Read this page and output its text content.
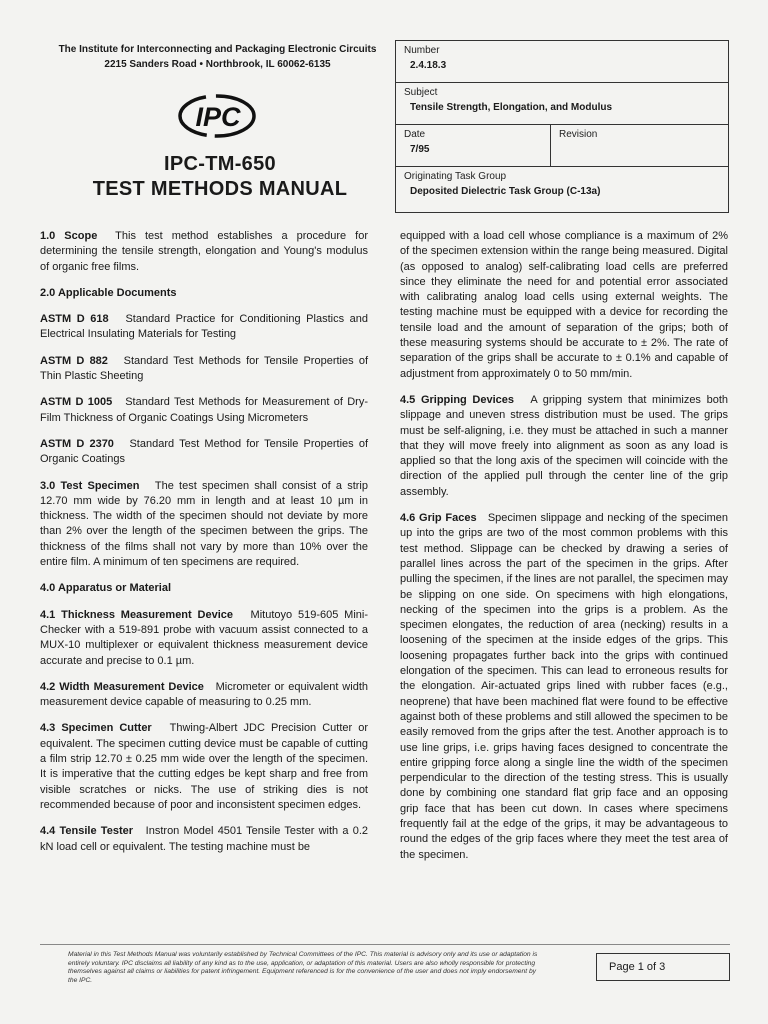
The Institute for Interconnecting and Packaging Electronic Circuits
2215 Sanders Road • Northbrook, IL 60062-6135
IPC
IPC-TM-650
TEST METHODS MANUAL
Number
2.4.18.3
Subject
Tensile Strength, Elongation, and Modulus
Date
7/95
Revision
Originating Task Group
Deposited Dielectric Task Group (C-13a)

1.0 Scope This test method establishes a procedure for determining the tensile strength, elongation and Young's modulus of organic free films.

2.0 Applicable Documents

ASTM D 618 Standard Practice for Conditioning Plastics and Electrical Insulating Materials for Testing

ASTM D 882 Standard Test Methods for Tensile Properties of Thin Plastic Sheeting

ASTM D 1005 Standard Test Methods for Measurement of Dry-Film Thickness of Organic Coatings Using Micrometers

ASTM D 2370 Standard Test Method for Tensile Properties of Organic Coatings

3.0 Test Specimen The test specimen shall consist of a strip 12.70 mm wide by 76.20 mm in length and at least 10 µm in thickness. The width of the specimen should not deviate by more than 2% over the length of the specimen between the grips. The thickness of the films shall not vary by more than 10% over the entire film. A minimum of ten specimens are required.

4.0 Apparatus or Material

4.1 Thickness Measurement Device Mitutoyo 519-605 Mini-Checker with a 519-891 probe with vacuum assist connected to a MUX-10 multiplexer or equivalent thickness measurement device accurate and precise to 0.1 µm.

4.2 Width Measurement Device Micrometer or equivalent width measurement device capable of measuring to 0.25 mm.

4.3 Specimen Cutter Thwing-Albert JDC Precision Cutter or equivalent. The specimen cutting device must be capable of cutting a film strip 12.70 ± 0.25 mm wide over the length of the specimen. It is imperative that the cutting edges be kept sharp and free from visible scratches or nicks. The use of striking dies is not recommended because of poor and inconsistent specimen edges.

4.4 Tensile Tester Instron Model 4501 Tensile Tester with a 0.2 kN load cell or equivalent. The testing machine must be

equipped with a load cell whose compliance is a maximum of 2% of the specimen extension within the range being measured. Digital (as opposed to analog) self-calibrating load cells are preferred since they eliminate the need for and potential error associated with calibrating analog load cells using external weights. The testing machine must be equipped with a device for recording the tensile load and the amount of separation of the grips; both of these measuring systems should be accurate to ± 2%. The rate of separation of the grips shall be accurate to ± 0.1% and capable of adjustment from approximately 0 to 50 mm/min.

4.5 Gripping Devices A gripping system that minimizes both slippage and uneven stress distribution must be used. The grips must be self-aligning, i.e. they must be attached in such a manner that they will move freely into alignment as soon as any load is applied so that the long axis of the specimen will coincide with the direction of the applied pull through the center line of the grip assembly.

4.6 Grip Faces Specimen slippage and necking of the specimen up into the grips are two of the most common problems with this test method. Slippage can be checked by drawing a series of parallel lines across the part of the specimen in the grips. After pulling the specimen, if the lines are not parallel, the specimen may be slipping on one side. On specimens with high elongations, necking of the specimen into the grips is a problem. As the specimen elongates, the reduction of area (necking) results in a loosening of the specimen at the inside edges of the grips. This loosening propagates further back into the grips with continued elongation of the specimen. This can lead to erroneous results for the elongation. Air-actuated grips lined with rubber faces (e.g., neoprene) that have been machined flat were found to be effective against both of these problems and still allowed the specimen to be easily removed from the grips after the test. Another approach is to use line grips, i.e. grips having faces designed to concentrate the entire gripping force along a single line the width of the specimen perpendicular to the direction of the testing stress. This is usually done by combining one standard flat grip face and an opposing grip face that has been cut down. In cases where specimens frequently fail at the edge of the grips, it may be advantageous to round the edges of the grip faces where they meet the test area of the specimen.

Material in this Test Methods Manual was voluntarily established by Technical Committees of the IPC. This material is advisory only and its use or adaptation is entirely voluntary. IPC disclaims all liability of any kind as to the use, application, or adaptation of this material. Users are also wholly responsible for protecting themselves against all claims or liabilities for patent infringement. Equipment referenced is for the convenience of the user and does not imply endorsement by the IPC.
Page 1 of 3
